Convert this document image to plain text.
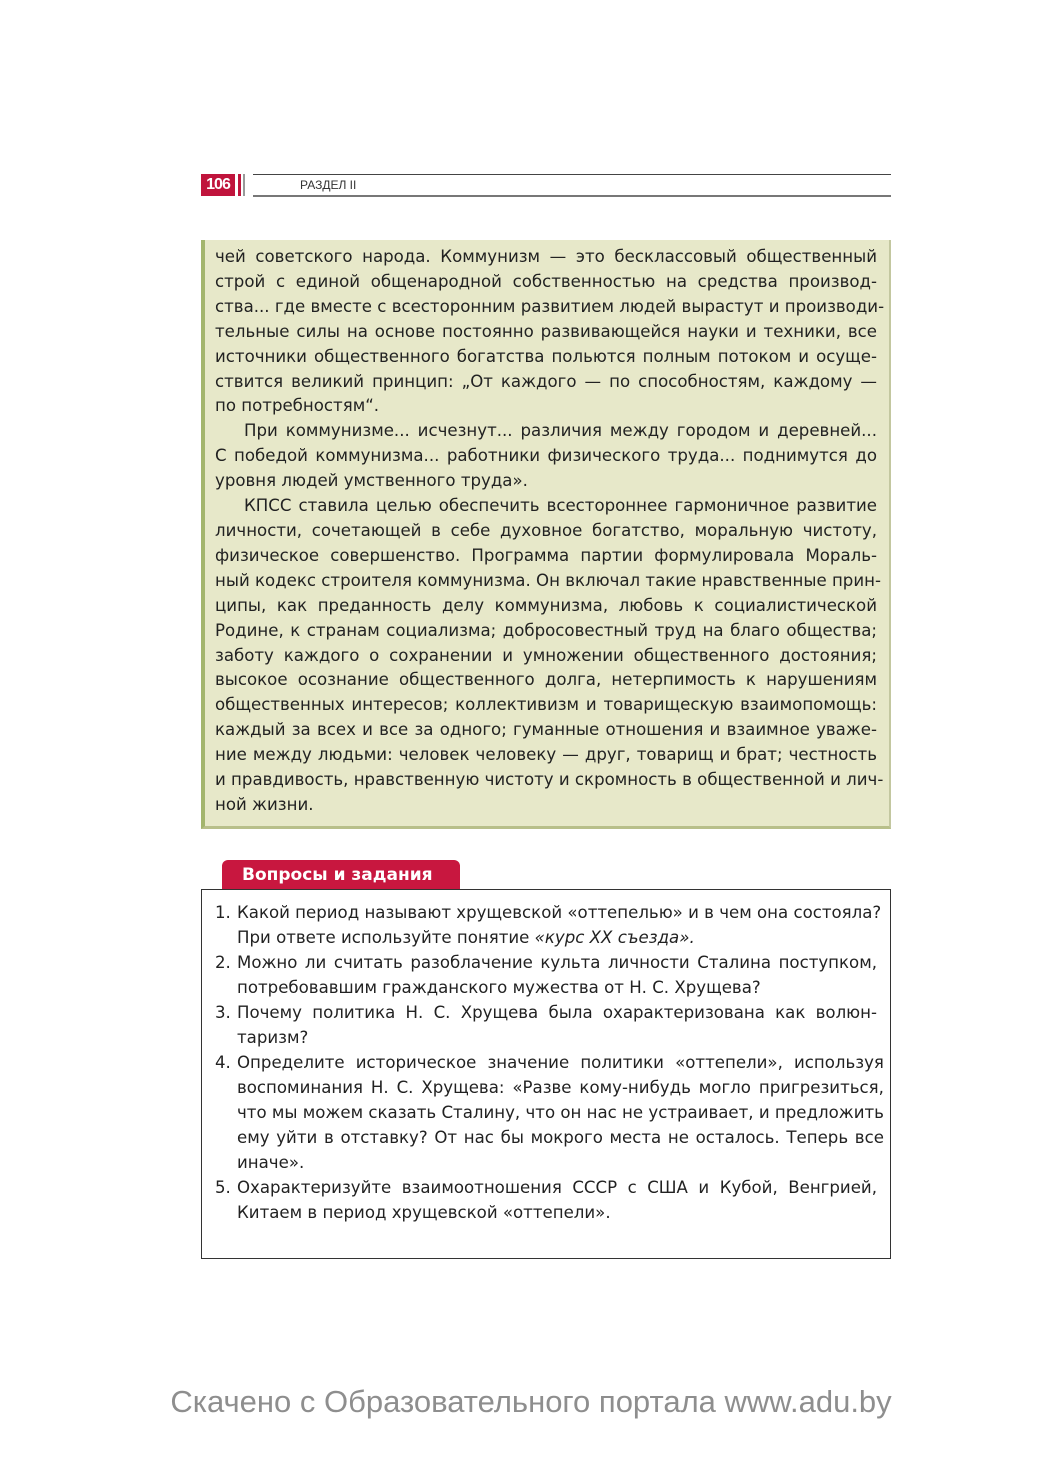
106	РАЗДЕЛ II
чей советского народа. Коммунизм — это бесклассовый общественный
строй с единой общенародной собственностью на средства производ-
ства... где вместе с всесторонним развитием людей вырастут и производи-
тельные силы на основе постоянно развивающейся науки и техники, все
источники общественного богатства польются полным потоком и осуще-
ствится великий принцип: „От каждого — по способностям, каждому —
по потребностям“.
При коммунизме... исчезнут... различия между городом и деревней...
С победой коммунизма... работники физического труда... поднимутся до
уровня людей умственного труда».
КПСС ставила целью обеспечить всестороннее гармоничное развитие
личности, сочетающей в себе духовное богатство, моральную чистоту,
физическое совершенство. Программа партии формулировала Мораль-
ный кодекс строителя коммунизма. Он включал такие нравственные прин-
ципы, как преданность делу коммунизма, любовь к социалистической
Родине, к странам социализма; добросовестный труд на благо общества;
заботу каждого о сохранении и умножении общественного достояния;
высокое осознание общественного долга, нетерпимость к нарушениям
общественных интересов; коллективизм и товарищескую взаимопомощь:
каждый за всех и все за одного; гуманные отношения и взаимное уваже-
ние между людьми: человек человеку — друг, товарищ и брат; честность
и правдивость, нравственную чистоту и скромность в общественной и лич-
ной жизни.
Вопросы и задания
1. Какой период называют хрущевской «оттепелью» и в чем она состояла?
При ответе используйте понятие «курс XX съезда».
2. Можно ли считать разоблачение культа личности Сталина поступком,
потребовавшим гражданского мужества от Н. С. Хрущева?
3. Почему политика Н. С. Хрущева была охарактеризована как волюн-
таризм?
4. Определите историческое значение политики «оттепели», используя
воспоминания Н. С. Хрущева: «Разве кому-нибудь могло пригрезиться,
что мы можем сказать Сталину, что он нас не устраивает, и предложить
ему уйти в отставку? От нас бы мокрого места не осталось. Теперь все
иначе».
5. Охарактеризуйте взаимоотношения СССР с США и Кубой, Венгрией,
Китаем в период хрущевской «оттепели».
Скачено с Образовательного портала www.adu.by
